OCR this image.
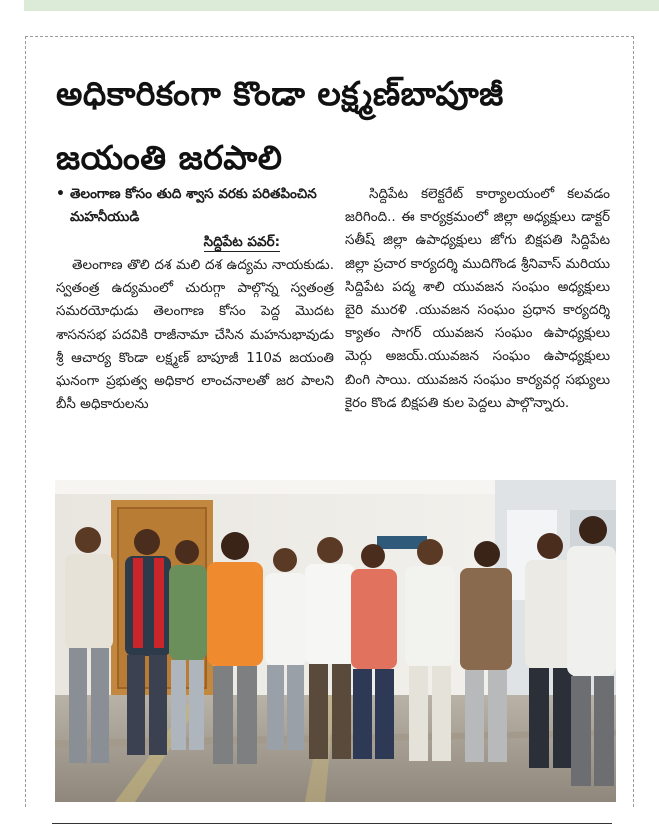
అధికారికంగా కొండా లక్ష్మణ్‌బాపూజీ జయంతి జరపాలి
• తెలంగాణ కోసం తుది శ్వాస వరకు పరితపించిన మహనీయుడి
సిద్దిపేట పవర్:

తెలంగాణ తొలి దశ మలి దశ ఉద్యమ నాయకుడు. స్వతంత్ర ఉద్యమంలో చురుగ్గా పాల్గొన్న స్వతంత్ర సమరయోధుడు తెలంగాణ కోసం పెద్ద మొదట శాసనసభ పదవికి రాజీనామా చేసిన మహనుభావుడు శ్రీ ఆచార్య కొండా లక్ష్మణ్ బాపూజీ 110వ జయంతి ఘనంగా ప్రభుత్వ అధికార లాంచనాలతో జర పాలని బీసీ అధికారులను

సిద్దిపేట కలెక్టరేట్ కార్యాలయంలో కలవడం జరిగింది.. ఈ కార్యక్రమంలో జిల్లా అధ్యక్షులు డాక్టర్ సతీష్ జిల్లా ఉపాధ్యక్షులు జోగు బిక్షపతి సిద్దిపేట జిల్లా ప్రచార కార్యదర్శి ముదిగొండ శ్రీనివాస్ మరియు సిద్దిపేట పద్మ శాలి యువజన సంఘం అధ్యక్షులు బైరి మురళి .యువజన సంఘం ప్రధాన కార్యదర్శి క్యాతం సాగర్ యువజన సంఘం ఉపాధ్యక్షులు మెర్గు అజయ్.యువజన సంఘం ఉపాధ్యక్షులు బింగి సాయి. యువజన సంఘం కార్యవర్గ సభ్యులు కైరం కొండ బిక్షపతి కుల పెద్దలు పాల్గొన్నారు.
